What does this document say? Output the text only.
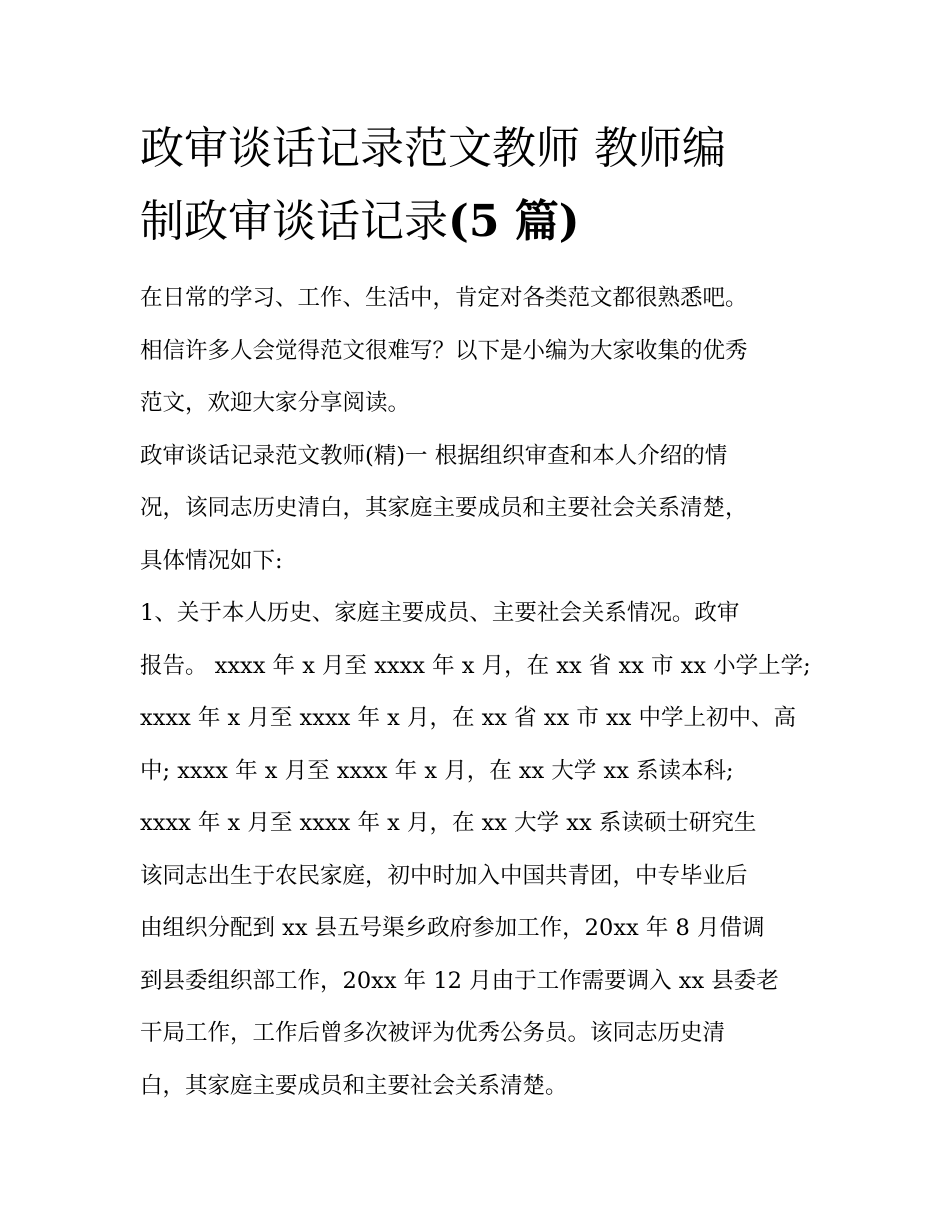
政审谈话记录范文教师 教师编
制政审谈话记录(5 篇)
在日常的学习、工作、生活中，肯定对各类范文都很熟悉吧。
相信许多人会觉得范文很难写？以下是小编为大家收集的优秀
范文，欢迎大家分享阅读。
政审谈话记录范文教师(精)一 根据组织审查和本人介绍的情
况，该同志历史清白，其家庭主要成员和主要社会关系清楚，
具体情况如下:
1、关于本人历史、家庭主要成员、主要社会关系情况。政审
报告。 xxxx 年 x 月至 xxxx 年 x 月，在 xx 省 xx 市 xx 小学上学;
xxxx 年 x 月至 xxxx 年 x 月，在 xx 省 xx 市 xx 中学上初中、高
中; xxxx 年 x 月至 xxxx 年 x 月，在 xx 大学 xx 系读本科;
xxxx 年 x 月至 xxxx 年 x 月，在 xx 大学 xx 系读硕士研究生
该同志出生于农民家庭，初中时加入中国共青团，中专毕业后
由组织分配到 xx 县五号渠乡政府参加工作，20xx 年 8 月借调
到县委组织部工作，20xx 年 12 月由于工作需要调入 xx 县委老
干局工作，工作后曾多次被评为优秀公务员。该同志历史清
白，其家庭主要成员和主要社会关系清楚。
